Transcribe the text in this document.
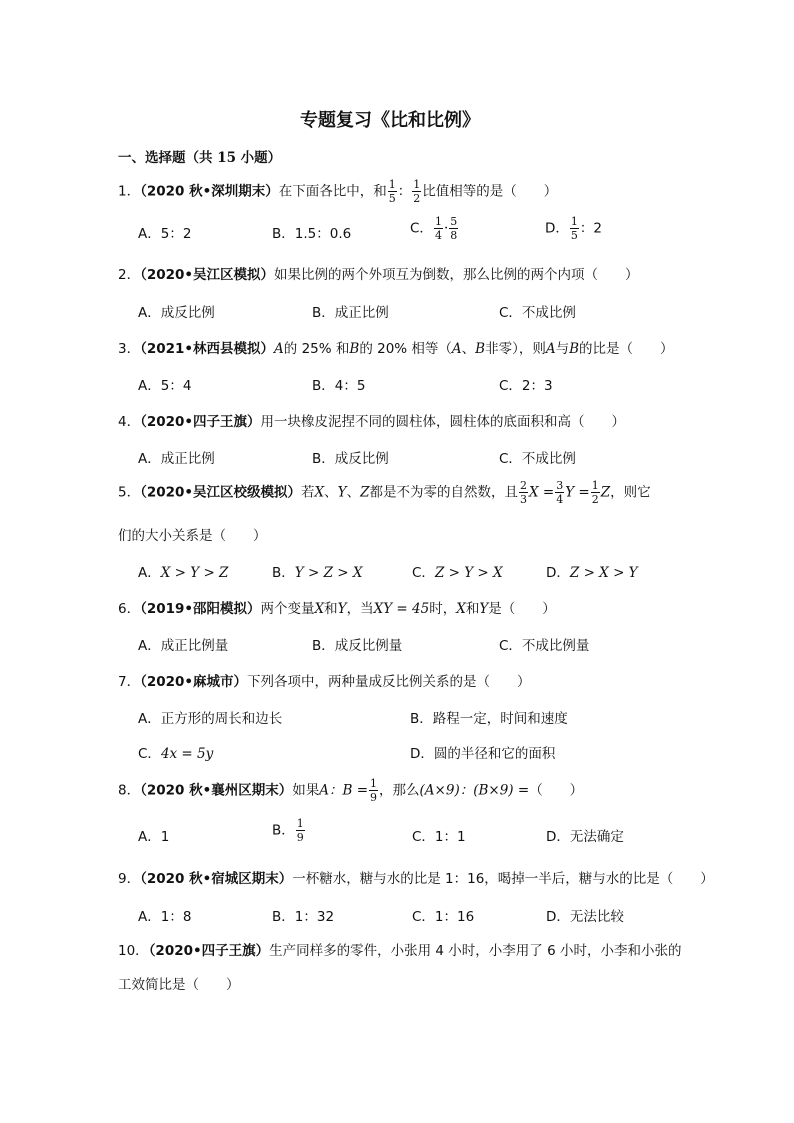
专题复习《比和比例》
一、选择题（共 15 小题）
1．（2020 秋•深圳期末）在下面各比中，和 $\frac{1}{5}$ ： $\frac{1}{2}$ 比值相等的是（　　）
A．5：2	B．1.5：0.6	C． $\frac{1}{4} \cdot \frac{5}{8}$	D． $\frac{1}{5}$ ：2
2．（2020•吴江区模拟）如果比例的两个外项互为倒数，那么比例的两个内项（　　）
A．成反比例	B．成正比例	C．不成比例
3．（2021•林西县模拟）A的 25% 和B的 20% 相等（A、B非零），则A与B的比是（　　）
A．5：4	B．4：5	C．2：3
4．（2020•四子王旗）用一块橡皮泥捏不同的圆柱体，圆柱体的底面积和高（　　）
A．成正比例	B．成反比例	C．不成比例
5．（2020•吴江区校级模拟）若X、Y、Z都是不为零的自然数，且 $\frac{2}{3}$ $X = \frac{3}{4}$ $Y = \frac{1}{2}$ Z，则它
们的大小关系是（　　）
A．X > Y > Z	B．Y > Z > X	C．Z > Y > X	D．Z > X > Y
6．（2019•邵阳模拟）两个变量X和Y，当XY = 45时，X和Y是（　　）
A．成正比例量	B．成反比例量	C．不成比例量
7．（2020•麻城市）下列各项中，两种量成反比例关系的是（　　）
A．正方形的周长和边长	B．路程一定，时间和速度
C．4x = 5y	D．圆的半径和它的面积
8．（2020 秋•襄州区期末）如果A：$B = \frac{1}{9}$ ，那么(A×9)：(B×9) =（　　）
A．1	B． $\frac{1}{9}$	C．1：1	D．无法确定
9．（2020 秋•宿城区期末）一杯糖水，糖与水的比是 1：16，喝掉一半后，糖与水的比是（　　）
A．1：8	B．1：32	C．1：16	D．无法比较
10．（2020•四子王旗）生产同样多的零件，小张用 4 小时，小李用了 6 小时，小李和小张的
工效简比是（　　）
